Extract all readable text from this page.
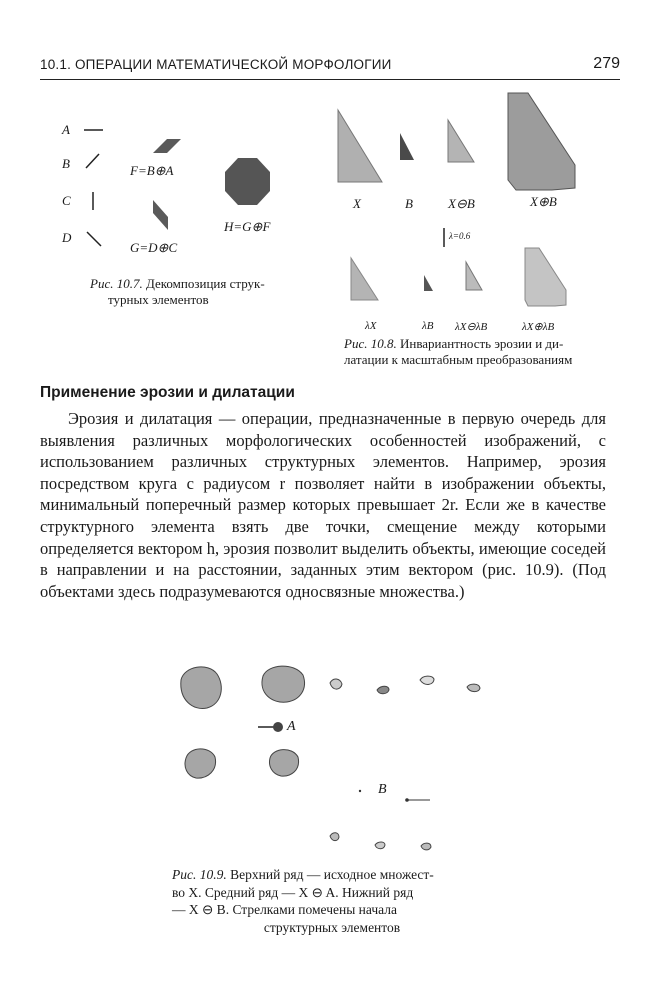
10.1. ОПЕРАЦИИ МАТЕМАТИЧЕСКОЙ МОРФОЛОГИИ	279
A
B
C
D
F=B⊕A
G=D⊕C
H=G⊕F
Рис. 10.7. Декомпозиция струк-
турных элементов
X	B	X⊖B	X⊕B
λ=0.6
λX	λB λX⊖λB	λX⊕λB
Рис. 10.8. Инвариантность эрозии и ди-
латации к масштабным преобразованиям
Применение эрозии и дилатации
Эрозия и дилатация — операции, предназначенные в первую очередь для выявления различных морфологических особенностей изображений, с использованием различных структурных элементов. Например, эрозия посредством круга с радиусом r позволяет найти в изображении объекты, минимальный поперечный размер которых превышает 2r. Если же в качестве структурного элемента взять две точки, смещение между которыми определяется вектором h, эрозия позволит выделить объекты, имеющие соседей в направлении и на расстоянии, заданных этим вектором (рис. 10.9). (Под объектами здесь подразумеваются односвязные множества.)
A
B
Рис. 10.9. Верхний ряд — исходное множест-
во X. Средний ряд — X ⊖ A. Нижний ряд
— X ⊖ B. Стрелками помечены начала
структурных элементов
